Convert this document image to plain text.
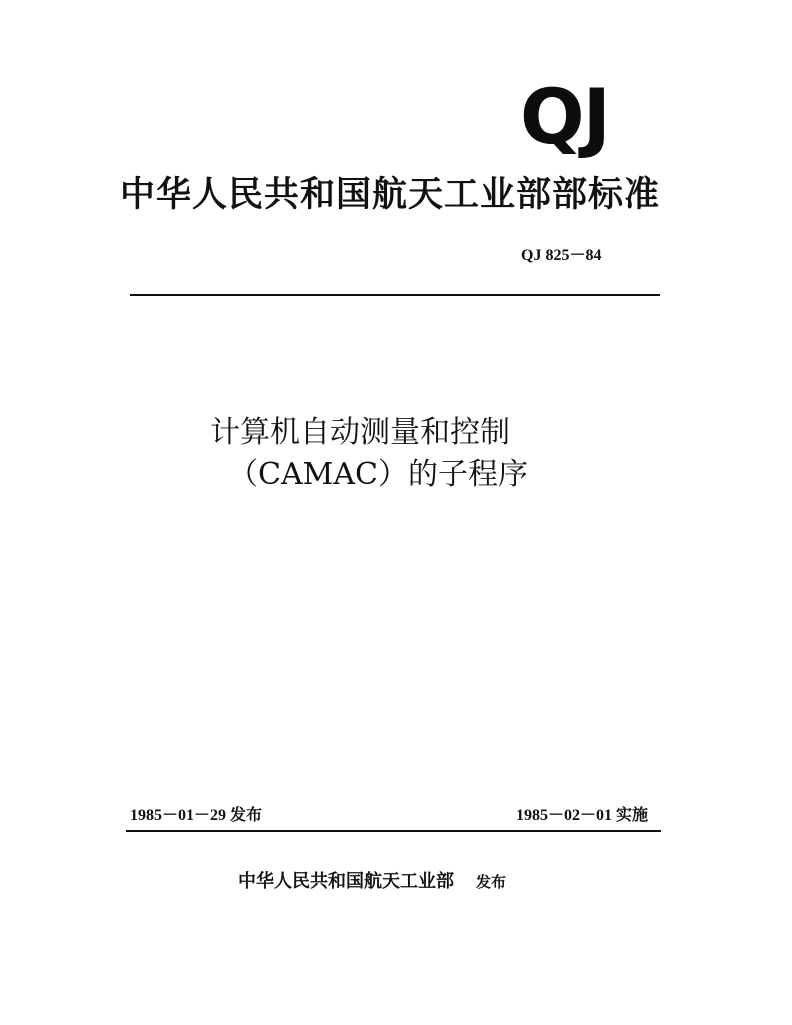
QJ
中华人民共和国航天工业部部标准
QJ 825－84
计算机自动测量和控制
（CAMAC）的子程序
1985－01－29 发布	1985－02－01 实施
中华人民共和国航天工业部 发布
